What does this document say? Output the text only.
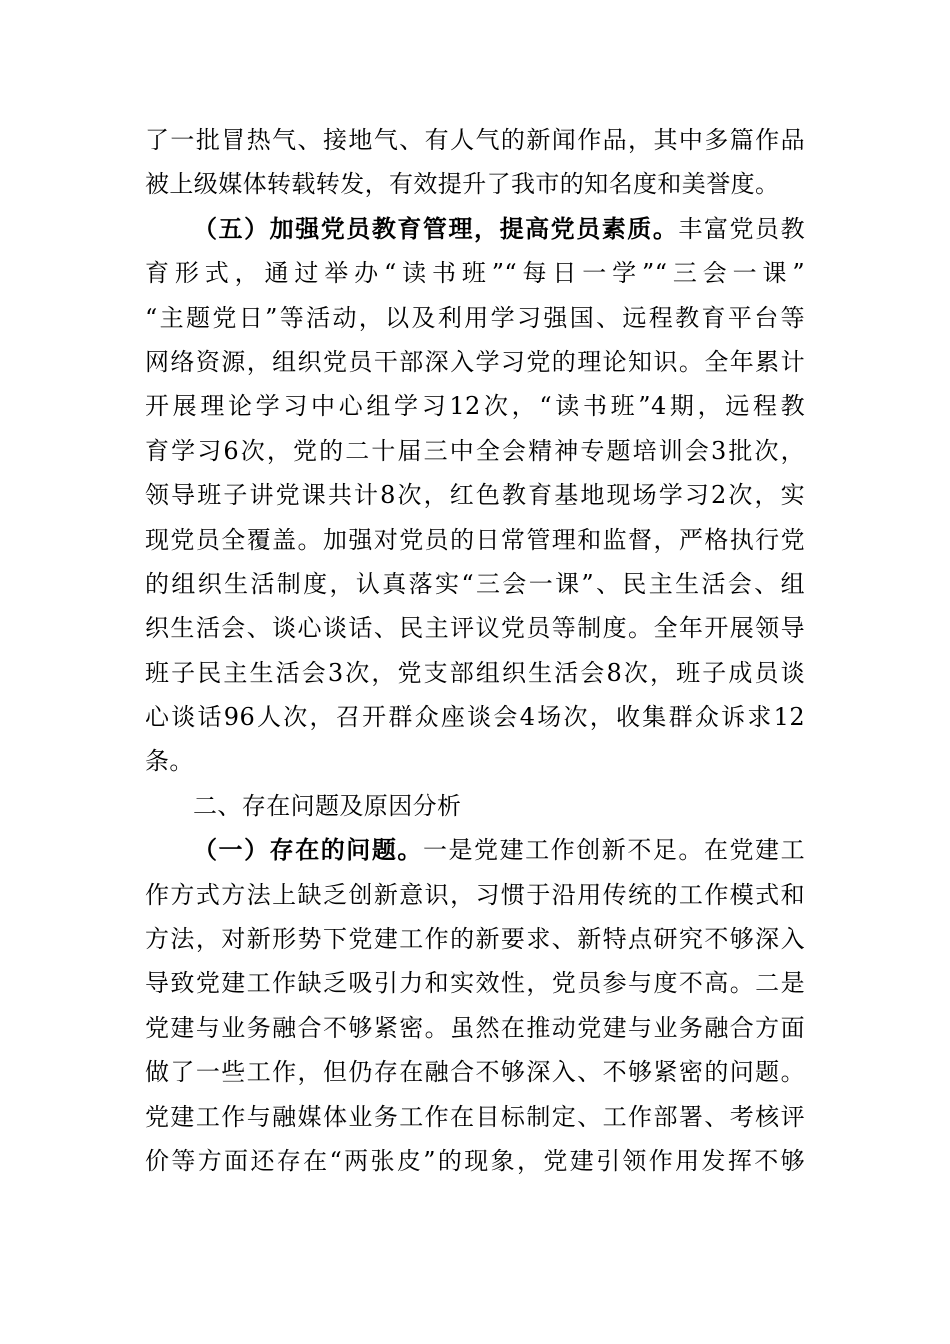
了一批冒热气、接地气、有人气的新闻作品，其中多篇作品
被上级媒体转载转发，有效提升了我市的知名度和美誉度。
（五）加强党员教育管理，提高党员素质。丰富党员教
育形式，通过举办“读书班”“每日一学”“三会一课”
“主题党日”等活动，以及利用学习强国、远程教育平台等
网络资源，组织党员干部深入学习党的理论知识。全年累计
开展理论学习中心组学习12次，“读书班”4期，远程教
育学习6次，党的二十届三中全会精神专题培训会3批次，
领导班子讲党课共计8次，红色教育基地现场学习2次，实
现党员全覆盖。加强对党员的日常管理和监督，严格执行党
的组织生活制度，认真落实“三会一课”、民主生活会、组
织生活会、谈心谈话、民主评议党员等制度。全年开展领导
班子民主生活会3次，党支部组织生活会8次，班子成员谈
心谈话96人次，召开群众座谈会4场次，收集群众诉求12
条。
二、存在问题及原因分析
（一）存在的问题。一是党建工作创新不足。在党建工
作方式方法上缺乏创新意识，习惯于沿用传统的工作模式和
方法，对新形势下党建工作的新要求、新特点研究不够深入
导致党建工作缺乏吸引力和实效性，党员参与度不高。二是
党建与业务融合不够紧密。虽然在推动党建与业务融合方面
做了一些工作，但仍存在融合不够深入、不够紧密的问题。
党建工作与融媒体业务工作在目标制定、工作部署、考核评
价等方面还存在“两张皮”的现象，党建引领作用发挥不够
